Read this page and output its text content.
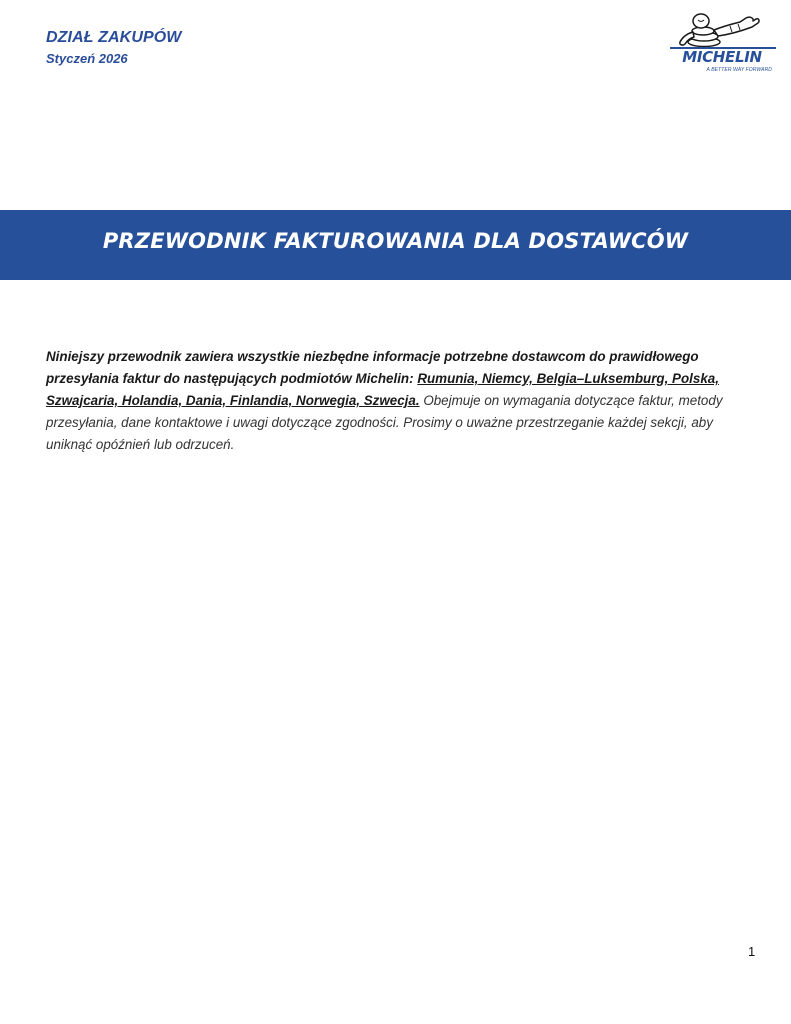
DZIAŁ ZAKUPÓW
Styczeń 2026	MICHELIN
A BETTER WAY FORWARD
PRZEWODNIK FAKTUROWANIA DLA DOSTAWCÓW

Niniejszy przewodnik zawiera wszystkie niezbędne informacje potrzebne dostawcom do prawidłowego przesyłania faktur do następujących podmiotów Michelin: Rumunia, Niemcy, Belgia–Luksemburg, Polska, Szwajcaria, Holandia, Dania, Finlandia, Norwegia, Szwecja. Obejmuje on wymagania dotyczące faktur, metody przesyłania, dane kontaktowe i uwagi dotyczące zgodności. Prosimy o uważne przestrzeganie każdej sekcji, aby uniknąć opóźnień lub odrzuceń.

1
